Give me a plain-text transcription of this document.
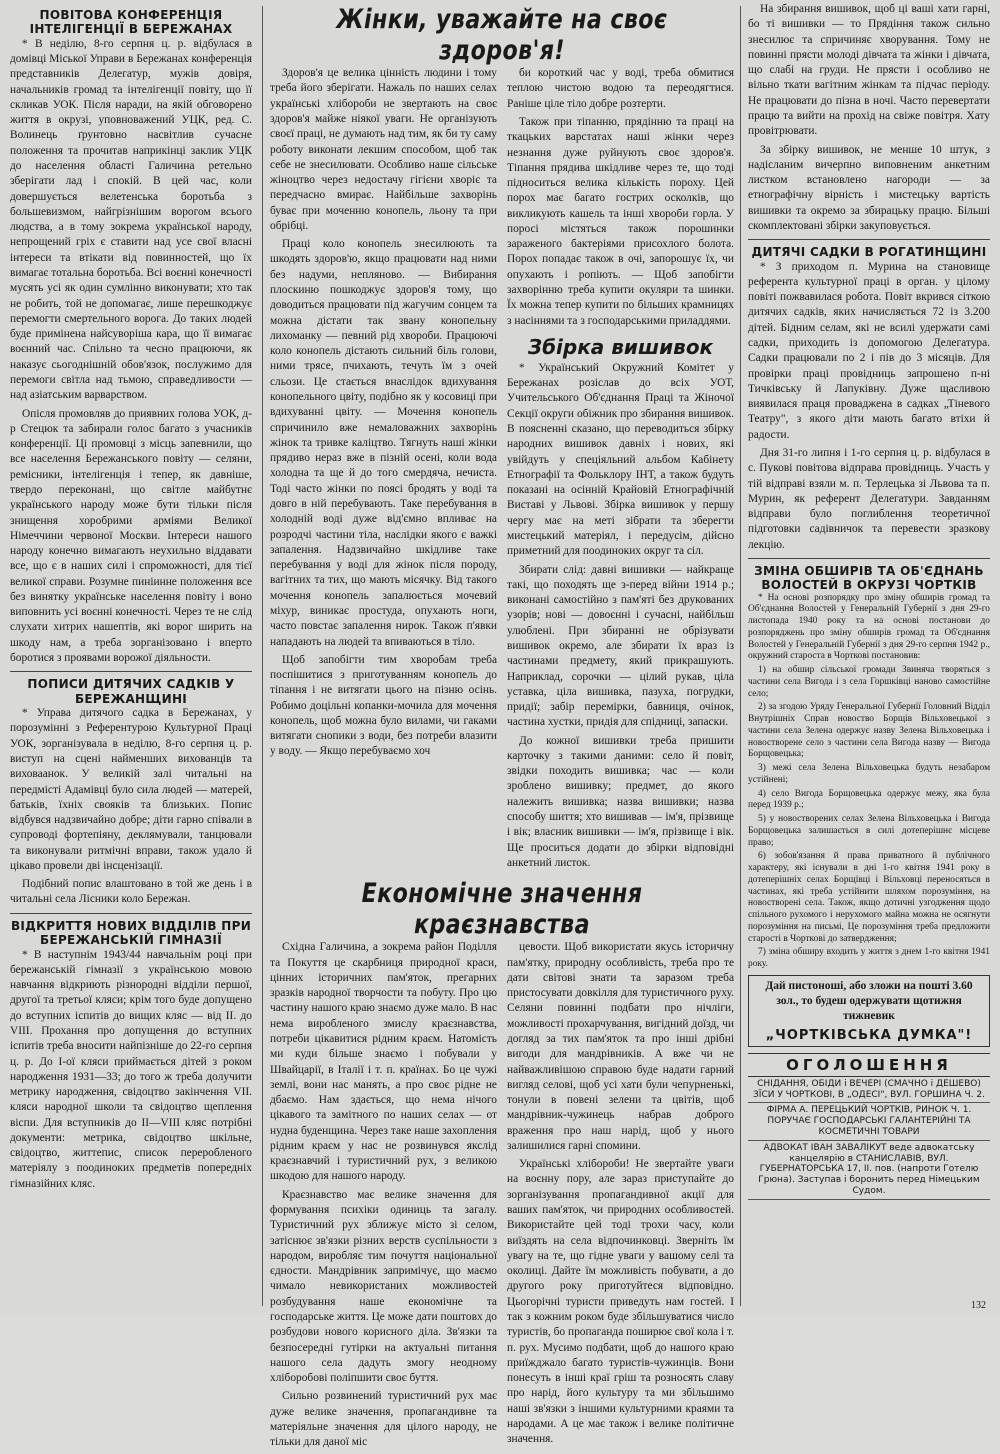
ПОВІТОВА КОНФЕРЕНЦІЯ ІНТЕЛІГЕНЦІЇ В БЕРЕЖАНАХ

* В неділю, 8-го серпня ц. р. відбулася в домівці Міської Управи в Бережанах конференція представників Делегатур, мужів довіря, начальників громад та інтелігенції повіту, що її скликав УОК. Після наради, на якій обговорено життя в окрузі, уповноважений УЦК, ред. С. Волинець ґрунтовно насвітлив сучасне положення та прочитав наприкінці заклик УЦК до населення області Галичина ретельно зберігати лад і спокій. В цей час, коли довершується велетенська боротьба з большевизмом, найгрізнішим ворогом всього людства, а в тому зокрема української народу, непрощений гріх є ставити над усе свої власні інтереси та втікати від повинностей, що їх вимагає тотальна боротьба. Всі воєнні конечності мусять усі як один сумлінно виконувати; хто так не робить, той не допомагає, лише перешкоджує перемогти смертельного ворога. До таких людей буде примінена найсуворіша кара, що її вимагає воєнний час. Спільно та чесно працюючи, як наказує сьогоднішній обов'язок, послужимо для перемоги світла над тьмою, справедливости — над азіатським варварством.

Опісля промовляв до приявних голова УОК, д-р Стецюк та забирали голос багато з учасників конференції. Ці промовці з місць запевнили, що все населення Бережанського повіту — селяни, ремісники, інтелігенція і тепер, як давніше, твердо переконані, що світле майбутнє українського народу може бути тільки після знищення хоробрими арміями Великої Німеччини червоної Москви. Інтереси нашого народу конечно вимагають неухильно віддавати все, що є в наших силі і спроможності, для тієї великої справи. Розумне пиніинне положення все без винятку українське населення повіту і воно виповнить усі воєнні конечності. Через те не слід слухати хитрих нашептів, які ворог ширить на шкоду нам, а треба зорганізовано і вперто боротися з проявами ворожої діяльности.

ПОПИСИ ДИТЯЧИХ САДКІВ У БЕРЕЖАНЩИНІ

* Управа дитячого садка в Бережанах, у порозумінні з Референтурою Культурної Праці УОК, зорганізувала в неділю, 8-го серпня ц. р. виступ на сцені найменших вихованців та виховаанок. У великій залі читальні на передмісті Адамівці було сила людей — матерей, батьків, їхніх свояків та близьких. Попис відбувся надзвичайно добре; діти гарно співали в супроводі фортепіяну, деклямували, танцювали та виконували ритмічні вправи, також удало й цікаво провели дві інсценізації.

Подібний попис влаштовано в той же день і в читальні села Лісники коло Бережан.

ВІДКРИТТЯ НОВИХ ВІДДІЛІВ ПРИ БЕРЕЖАНСЬКІЙ ГІМНАЗІЇ

* В наступнім 1943/44 навчальнім році при бережанській гімназії з українською мовою навчання відкриють різнородні відділи першої, другої та третьої кляси; крім того буде допущено до вступних іспитів до вищих кляс — від II. до VIII. Прохання про допущення до вступних іспитів треба вносити найпізніше до 22-го серпня ц. р. До І-ої кляси приймається дітей з роком народження 1931—33; до того ж треба долучити метрику народження, свідоцтво закінчення VII. кляси народної школи та свідоцтво щеплення віспи. Для вступників до II—VIII кляс потрібні документи: метрика, свідоцтво шкільне, свідоцтво, життепис, список переробленого матеріялу з поодиноких предметів попередніх гімназійних кляс.

Жінки, уважайте на своє здоров'я!

Здоров'я це велика цінність людини і тому треба його зберігати. Нажаль по наших селах українські хлібороби не звертають на своє здоров'я майже ніякої уваги. Не організують своєї праці, не думають над тим, як би ту саму роботу виконати лекшим способом, щоб так себе не знесилювати. Особливо наше сільське жіноцтво через недостачу гігієни хворіє та передчасно вмирає. Найбільше захворінь буває при моченню конопель, льону та при обрібці.

Праці коло конопель знесилюють та шкодять здоров'ю, якщо працювати над ними без надуми, непляново. — Вибирання плоскиню пошкоджує здоров'я тому, що доводиться працювати під жагучим сонцем та можна дістати так звану конопельну лихоманку — певний рід хвороби. Працюючі коло конопель дістають сильний біль голови, ними трясе, пчихають, течуть їм з очей сльози. Це стається внаслідок вдихування конопельного цвіту, подібно як у косовиці при вдихуванні цвіту. — Мочення конопель спричинило вже немаловажних захворінь жінок та тривке каліцтво. Тягнуть наші жінки прядиво нераз вже в пізній осені, коли вода холодна та ще й до того смердяча, нечиста. Тоді часто жінки по поясі бродять у воді та довго в ній перебувають. Таке перебування в холодній воді дуже від'ємно впливає на розродчі частини тіла, наслідки якого є важкі запалення. Надзвичайно шкідливе таке перебування у воді для жінок після породу, вагітних та тих, що мають місячку. Від такого мочення конопель запалюється мочевий міхур, виникає простуда, опухають ноги, часто повстає запалення нирок. Також п'явки нападають на людей та впиваються в тіло.

Щоб запобігти тим хворобам треба поспішитися з приготуванням конопель до тіпання і не витягати цього на пізню осінь. Робимо доцільні копанки-мочила для мочення конопель, щоб можна було вилами, чи гаками витягати снопики з води, без потреби влазити у воду. — Якщо перебуваємо хоч

би короткий час у воді, треба обмитися теплою чистою водою та переодягтися. Раніше ціле тіло добре розтерти.

Також при тіпанню, прядінню та праці на ткацьких варстатах наші жінки через незнання дуже руйнують своє здоров'я. Тіпання прядива шкідливе через те, що тоді підноситься велика кількість пороху. Цей порох має багато гострих осколків, що викликують кашель та інші хвороби горла. У поросі містяться також порошинки зараженого бактеріями присохлого болота. Порох попадає також в очі, запорошує їх, чи опухають і ропіють. — Щоб запобігти захворінню треба купити окуляри та шинки. Їх можна тепер купити по більших крамницях з насіннями та з господарськими приладдями.

Збірка вишивок

* Український Окружний Комітет у Бережанах розіслав до всіх УОТ, Учительського Об'єднання Праці та Жіночої Секції округи обіжник про збирання вишивок. В поясненні сказано, що переводиться збірку народних вишивок давніх і нових, які увійдуть у спеціяльний альбом Кабінету Етнографії та Фольклору ІНТ, а також будуть показані на осінній Крайовій Етнографічній Виставі у Львові. Збірка вишивок у першу чергу має на меті зібрати та зберегти мистецький матеріял, і передусім, дійсно приметний для поодиноких округ та сіл.

Збирати слід: давні вишивки — найкраще такі, що походять ще з-перед війни 1914 р.; виконані самостійно з пам'яті без друкованих узорів; нові — довоєнні і сучасні, найбільш улюблені. При збиранні не обрізувати вишивок окремо, але збирати їх враз із частинами предмету, який прикрашують. Наприклад, сорочки — цілий рукав, ціла уставка, ціла вишивка, пазуха, погрудки, придії; забір перемірки, бавниця, очінок, частина хустки, придія для спідниці, запаски.

До кожної вишивки треба пришити карточку з такими даними: село й повіт, звідки походить вишивка; час — коли зроблено вишивку; предмет, до якого належить вишивка; назва вишивки; назва способу шиття; хто вишивав — ім'я, прізвище і вік; власник вишивки — ім'я, прізвище і вік. Ще проситься додати до збірки відповідні анкетний листок.

Економічне значення краєзнавства

Східна Галичина, а зокрема район Поділля та Покуття це скарбниця природної краси, цінних історичних пам'яток, прегарних зразків народної творчости та побуту. Про цю частину нашого краю знаємо дуже мало. В нас нема виробленого змислу краєзнавства, потреби цікавитися рідним краєм. Натомість ми куди більше знаємо і побували у Швайцарії, в Італії і т. п. країнах. Бо це чужі землі, вони нас манять, а про своє рідне не дбаємо. Нам здається, що нема нічого цікавого та замітного по наших селах — от нудна буденщина. Через таке наше захоплення рідним краєм у нас не розвинувся якслід краєзнавчий і туристичний рух, з великою шкодою для нашого народу.

Краєзнавство має велике значення для формування психіки одиниць та загалу. Туристичний рух зближує місто зі селом, затіснює зв'язки різних верств суспільности з народом, виробляє тим почуття національної єдности. Мандрівник запримічує, що маємо чимало невикористаних можливостей розбудування наше економічне та господарське життя. Це може дати поштовх до розбудови нового корисного діла. Зв'язки та безпосередні гутірки на актуальні питання нашого села дадуть змогу неодному хліборобові поліпшити своє буття.

Сильно розвинений туристичний рух має дуже велике значення, пропагандивне та матеріяльне значення для цілого народу, не тільки для даної міс

цевости. Щоб використати якусь історичну пам'ятку, природну особливість, треба про те дати світові знати та заразом треба пристосувати довкілля для туристичного руху. Селяни повинні подбати про нічліги, можливості прохарчування, вигідний доїзд, чи догляд за тих пам'яток та про інші дрібні вигоди для мандрівників. А вже чи не найважливішою справою буде надати гарний вигляд селові, щоб усі хати були чепурненькі, тонули в повені зелени та цвітів, щоб мандрівник-чужинець набрав доброго враження про наш нарід, щоб у нього залишилися гарні спомини.

Українські хлібороби! Не звертайте уваги на воєнну пору, але зараз приступайте до зорганізування пропагандивної акції для ваших пам'яток, чи природних особливостей. Використайте цей тоді трохи часу, коли виїздять на села відпочинковці. Зверніть їм увагу на те, що гідне уваги у вашому селі та околиці. Дайте їм можливість побувати, а до другого року приготуйтеся відповідно. Цьогорічні туристи приведуть нам гостей. І так з кожним роком буде збільшуватися число туристів, бо пропаганда поширює свої кола і т. п. рух. Мусимо подбати, щоб до нашого краю приїжджало багато туристів-чужинців. Вони понесуть в інші краї гріш та розносять славу про нарід, його культуру та ми збільшимо наші зв'язки з іншими культурними краями та народами. А це має також і велике політичне значення.

На збирання вишивок, щоб ці ваші хати гарні, бо ті вишивки — то Прядіння також сильно знесилює та спричиняє хворування. Тому не повинні прясти молоді дівчата та жінки і дівчата, що слабі на груди. Не прясти і особливо не вільно ткати вагітним жінкам та підчас періоду. Не працювати до пізна в ночі. Часто перевертати працю та вийти на прохід на свіже повітря. Хату провітрювати.

За збірку вишивок, не менше 10 штук, з надісланим вичерпно виповненим анкетним листком встановлено нагороди — за етнографічну вірність і мистецьку вартість вишивки та окремо за збирацьку працю. Більші скомплектовані збірки закуповується.

ДИТЯЧІ САДКИ В РОГАТИНЩИНІ

* З приходом п. Мурина на становище референта культурної праці в орган. у цілому повіті пожвавилася робота. Повіт вкрився сіткою дитячих садків, яких начисляється 72 із 3.200 дітей. Бідним селам, які не всилі удержати самі садки, приходить із допомогою Делегатура. Садки працювали по 2 і пів до 3 місяців. Для провірки праці провідниць запрошено п-ні Тичківську й Лапуківну. Дуже щасливою виявилася праця проваджена в садках „Тіневого Театру", з якого діти мають багато втіхи й радости.

Дня 31-го липня і 1-го серпня ц. р. відбулася в с. Пукові повітова відправа провідниць. Участь у тій відправі взяли м. п. Терлецька зі Львова та п. Мурин, як референт Делегатури. Завданням відправи було поглиблення теоретичної підготовки садівничок та перевести зразкову лекцію.

ЗМІНА ОБШИРІВ ТА ОБ'ЄДНАНЬ ВОЛОСТЕЙ В ОКРУЗІ ЧОРТКІВ

* На основі розпорядку про зміну обширів громад та Об'єднання Волостей у Генеральній Губернії з дня 29-го листопада 1940 року та на основі постанови до розпоряджень про зміну обширів громад та Об'єднання Волостей у Генеральній Губернії з дня 29-го серпня 1942 р., окружний староста в Чорткові постановив:

1) на обшир сільської громади Звиняча творяться з частини села Вигода і з села Горшківці наново самостійне село;

2) за згодою Уряду Генеральної Губернії Головний Відділ Внутрішніх Справ новоство Борщів Вільховецької з частини села Зелена одержує назву Зелена Вільховецька і новостворене село з частини села Вигода назву — Вигода Борщовецька;

3) межі села Зелена Вільховецька будуть незабаром устійнені;

4) село Вигода Борщовецька одержує межу, яка була перед 1939 р.;

5) у новостворених селах Зелена Вільховецька і Вигода Борщовецька залишається в силі дотеперішнє місцеве право;

6) зобов'язання й права приватного й публічного характеру, які існували в дні 1-го квітня 1941 року в дотеперішніх селах Борщівці і Вільховці переносяться в частинах, які треба устійнити шляхом порозуміння, на новостворені села. Також, якщо дотичні узгодження щодо спільного рухомого і нерухомого майна можна не осягнути порозуміння на письмі, Це порозуміння треба предложити старості в Чорткові до затвердження;

7) зміна обширу входить у життя з днем 1-го квітня 1941 року.

Дай пистоноші, або зложи на пошті 3.60 зол., то будеш одержувати щотижня тижневик
„ЧОРТКІВСЬКА ДУМКА"!
ОГОЛОШЕННЯ
СНІДАННЯ, ОБІДИ і ВЕЧЕРІ (СМАЧНО і ДЕШЕВО) ЗЇСИ У ЧОРТКОВІ, В „ОДЕСІ", ВУЛ. ГОРШИНА Ч. 2.
ФІРМА А. ПЕРЕЦЬКИЙ ЧОРТКІВ, РИНОК Ч. 1. ПОРУЧАЄ ГОСПОДАРСЬКІ ГАЛАНТЕРІЙНІ ТА КОСМЕТИЧНІ ТОВАРИ
АДВОКАТ ІВАН ЗАВАЛІКУТ веде адвокатську канцелярію в СТАНИСЛАВІВ, ВУЛ. ГУБЕРНАТОРСЬКА 17, II. пов. (напроти Готелю Грюна). Заступав і боронить перед Німецьким Судом.
132
